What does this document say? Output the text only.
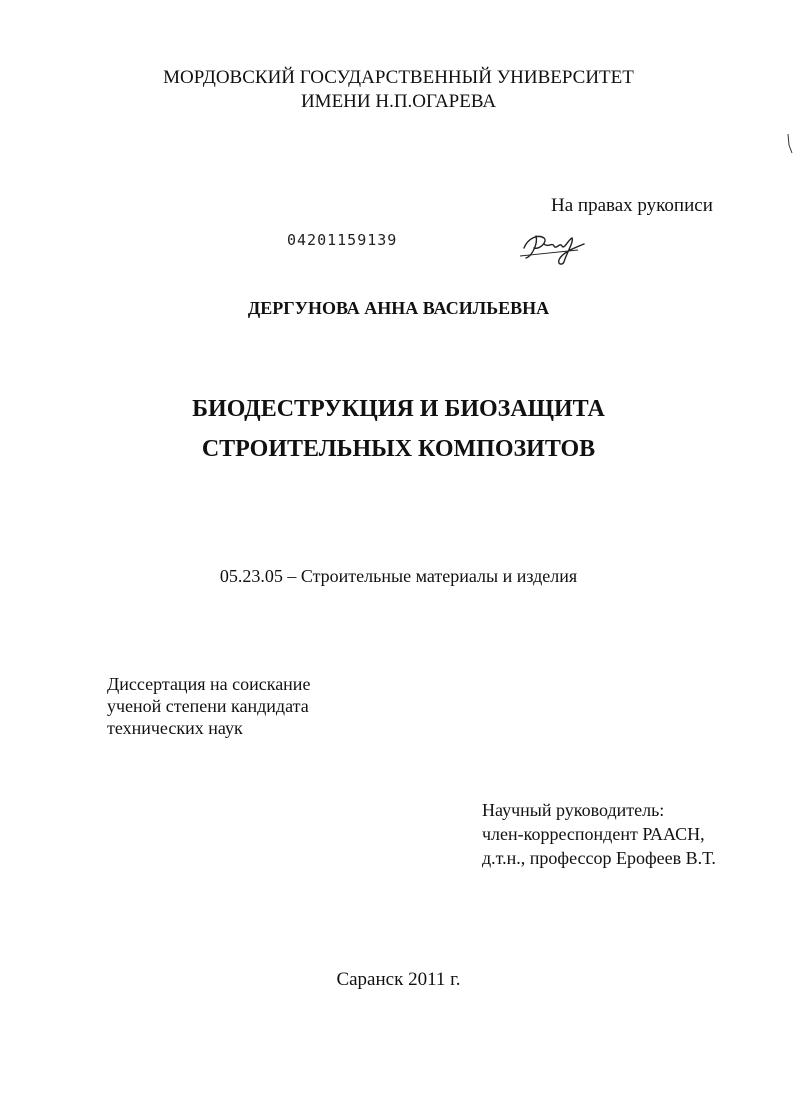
МОРДОВСКИЙ ГОСУДАРСТВЕННЫЙ УНИВЕРСИТЕТ
ИМЕНИ Н.П.ОГАРЕВА
На правах рукописи
04201159139
ДЕРГУНОВА АННА ВАСИЛЬЕВНА
БИОДЕСТРУКЦИЯ И БИОЗАЩИТА
СТРОИТЕЛЬНЫХ КОМПОЗИТОВ
05.23.05 – Строительные материалы и изделия
Диссертация на соискание
ученой степени кандидата
технических наук
Научный руководитель:
член-корреспондент РААСН,
д.т.н., профессор Ерофеев В.Т.
Саранск 2011 г.
